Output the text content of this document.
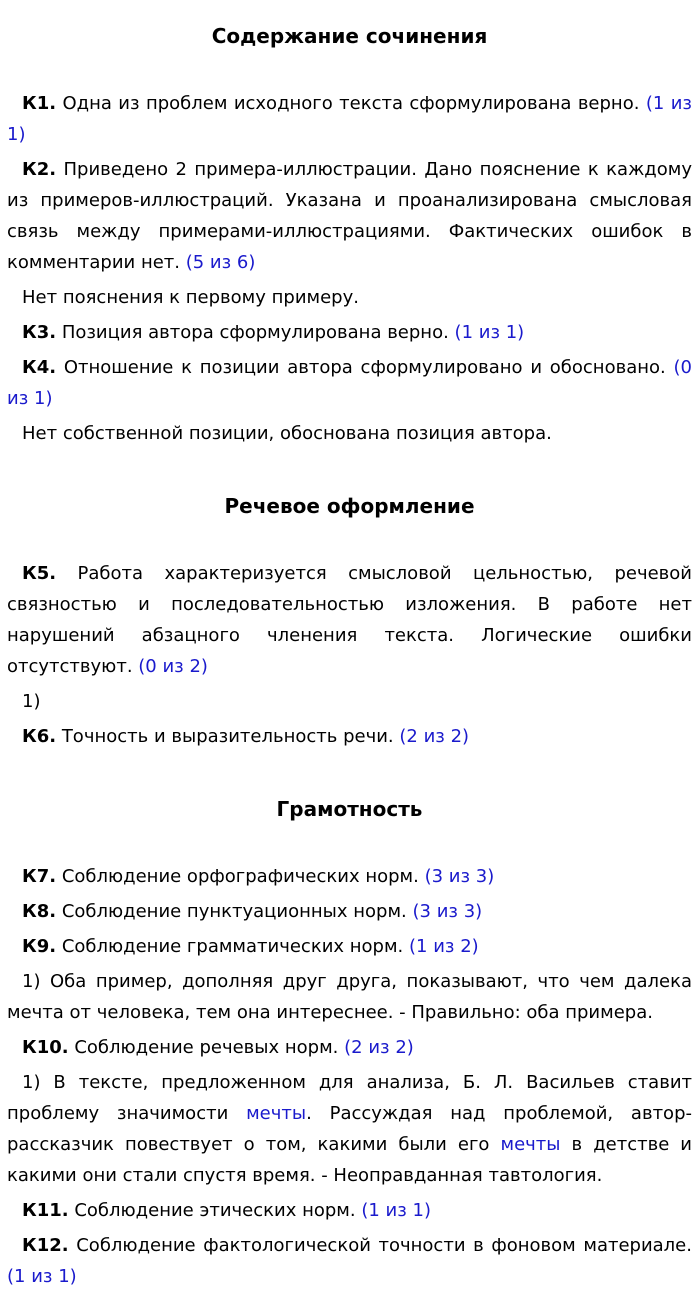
Содержание сочинения

К1. Одна из проблем исходного текста сформулирована верно. (1 из 1)

К2. Приведено 2 примера-иллюстрации. Дано пояснение к каждому из примеров-иллюстраций. Указана и проанализирована смысловая связь между примерами-иллюстрациями. Фактических ошибок в комментарии нет. (5 из 6)

Нет пояснения к первому примеру.

К3. Позиция автора сформулирована верно. (1 из 1)

К4. Отношение к позиции автора сформулировано и обосновано. (0 из 1)

Нет собственной позиции, обоснована позиция автора.

Речевое оформление

К5. Работа характеризуется смысловой цельностью, речевой связностью и последовательностью изложения. В работе нет нарушений абзацного членения текста. Логические ошибки отсутствуют. (0 из 2)

1)

К6. Точность и выразительность речи. (2 из 2)

Грамотность

К7. Соблюдение орфографических норм. (3 из 3)

К8. Соблюдение пунктуационных норм. (3 из 3)

К9. Соблюдение грамматических норм. (1 из 2)

1) Оба пример, дополняя друг друга, показывают, что чем далека мечта от человека, тем она интереснее. - Правильно: оба примера.

К10. Соблюдение речевых норм. (2 из 2)

1) В тексте, предложенном для анализа, Б. Л. Васильев ставит проблему значимости мечты. Рассуждая над проблемой, автор-рассказчик повествует о том, какими были его мечты в детстве и какими они стали спустя время. - Неоправданная тавтология.

К11. Соблюдение этических норм. (1 из 1)

К12. Соблюдение фактологической точности в фоновом материале. (1 из 1)
